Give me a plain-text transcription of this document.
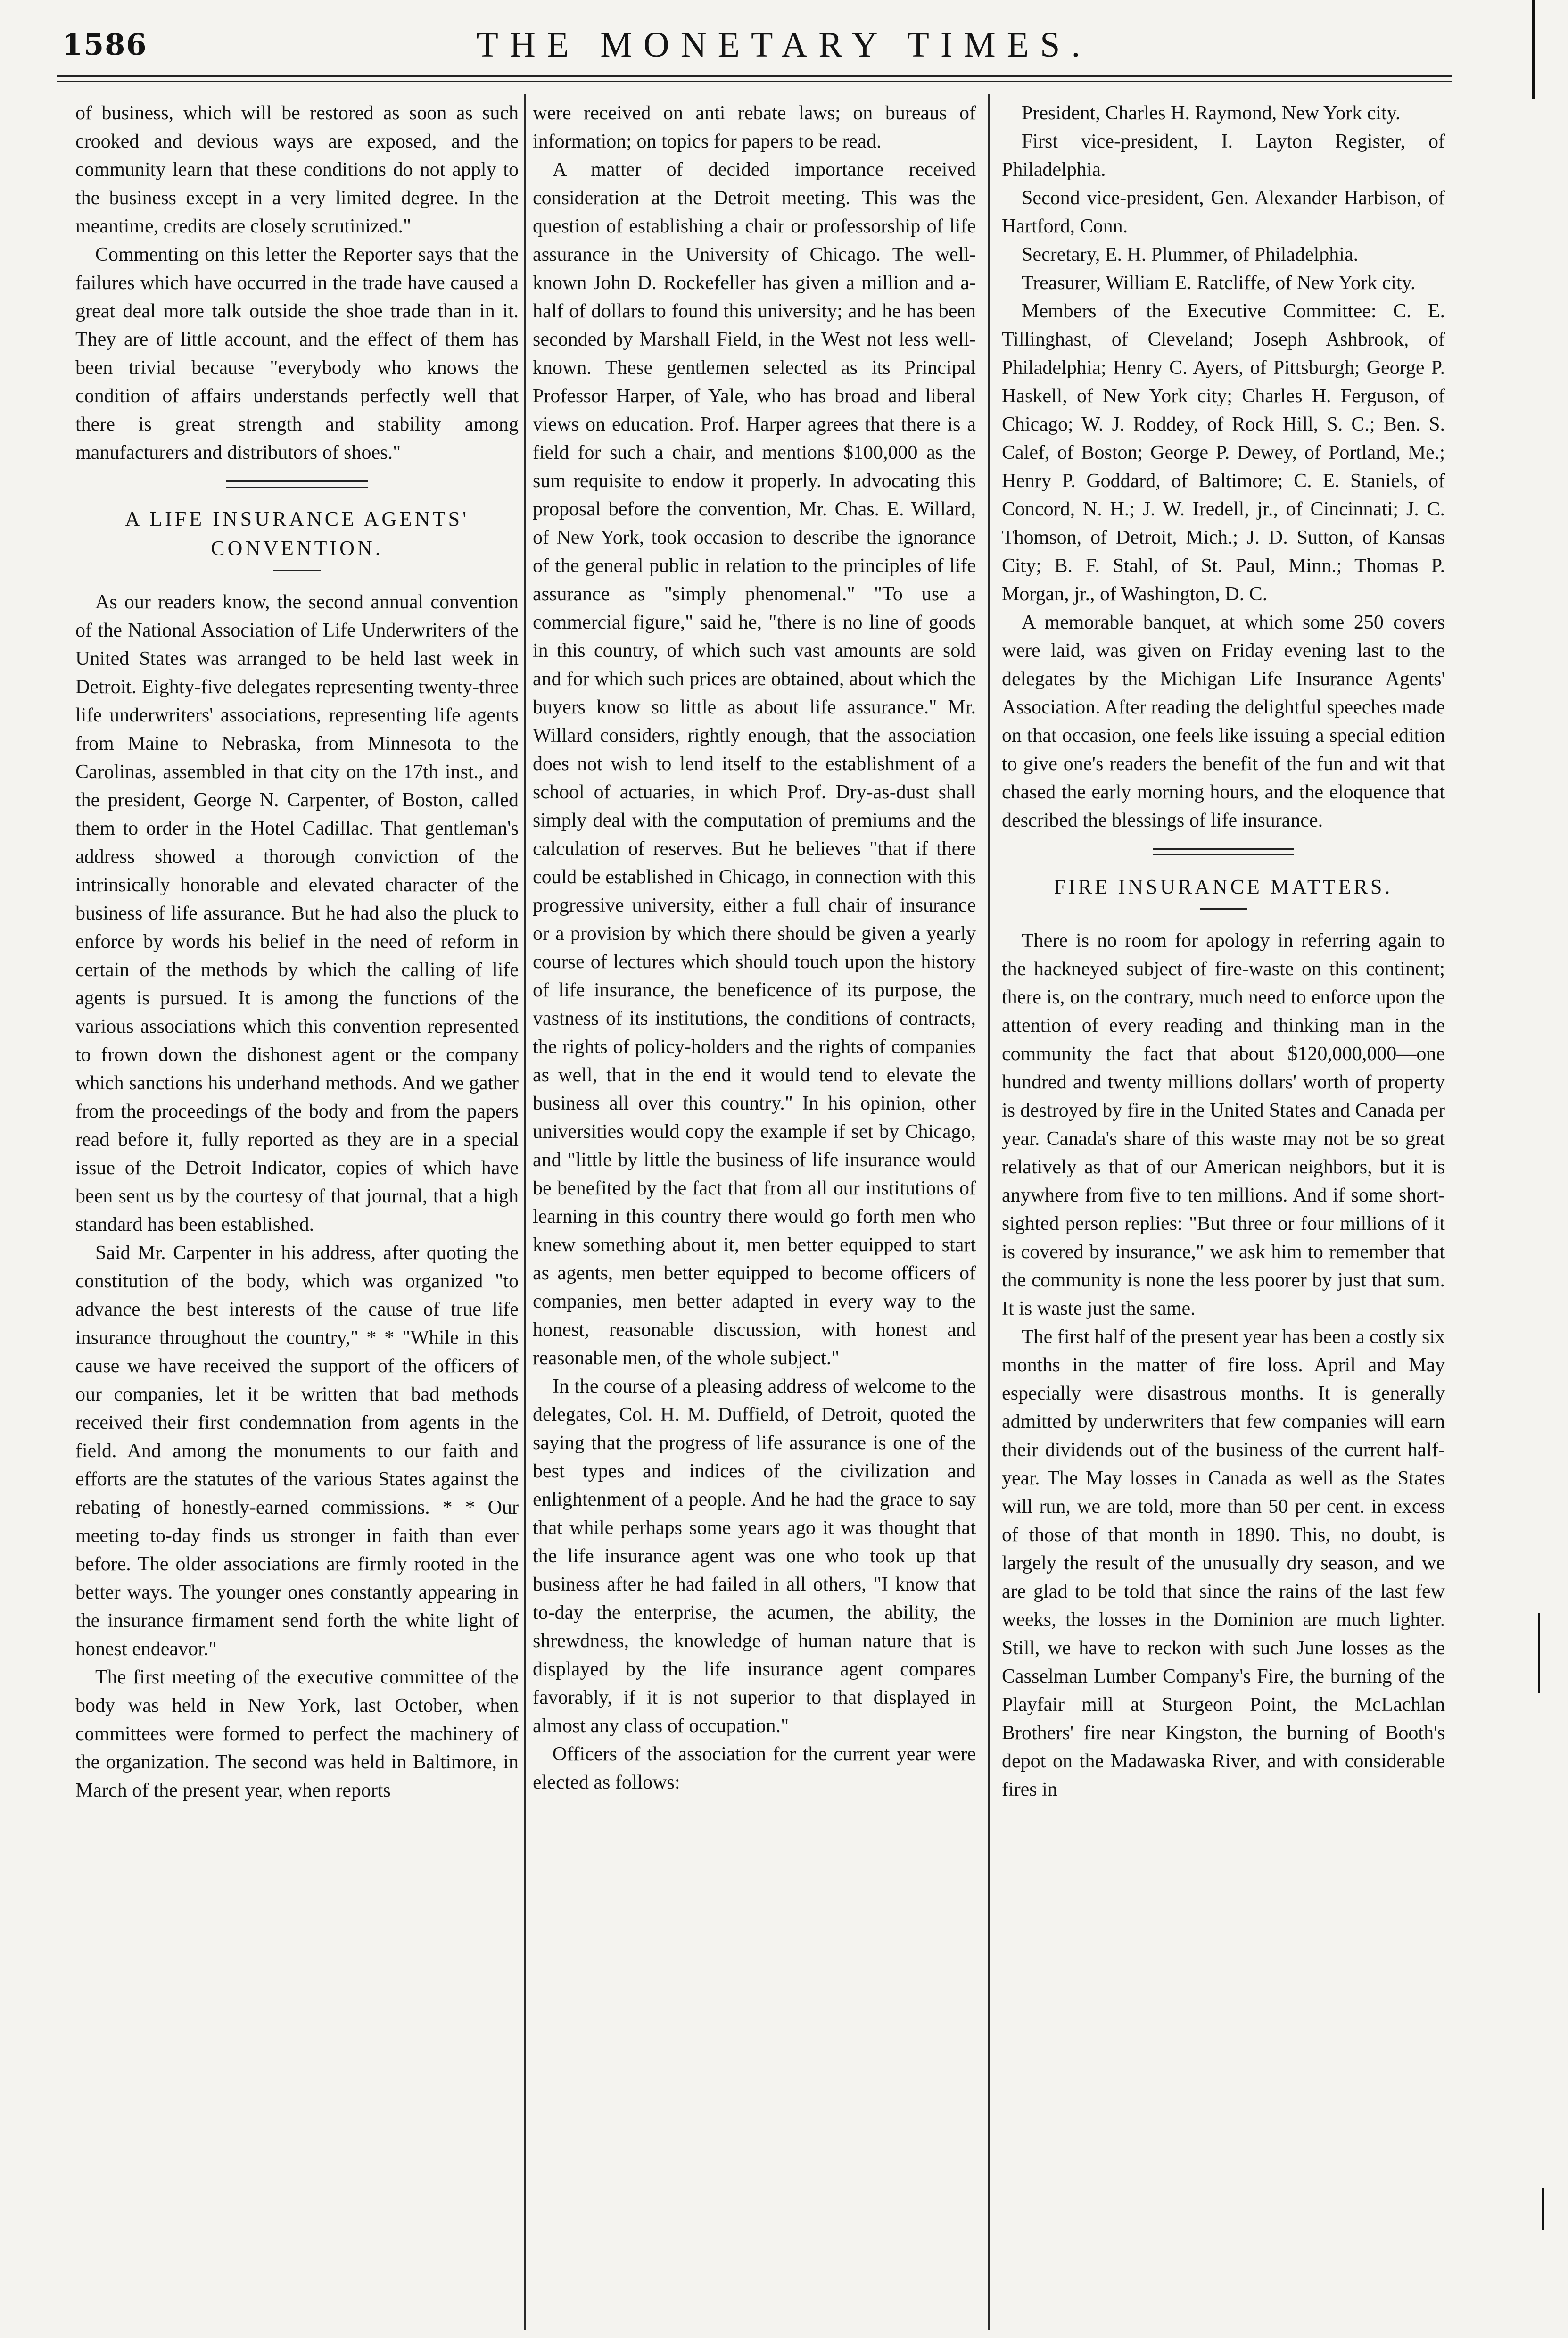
1586	THE MONETARY TIMES.

of business, which will be restored as soon as such crooked and devious ways are exposed, and the community learn that these conditions do not apply to the business except in a very limited degree. In the meantime, credits are closely scrutinized."

Commenting on this letter the Reporter says that the failures which have occurred in the trade have caused a great deal more talk outside the shoe trade than in it. They are of little account, and the effect of them has been trivial because "everybody who knows the condition of affairs understands perfectly well that there is great strength and stability among manufacturers and distributors of shoes."

A LIFE INSURANCE AGENTS' CONVENTION.

As our readers know, the second annual convention of the National Association of Life Underwriters of the United States was arranged to be held last week in Detroit. Eighty-five delegates representing twenty-three life underwriters' associations, representing life agents from Maine to Nebraska, from Minnesota to the Carolinas, assembled in that city on the 17th inst., and the president, George N. Carpenter, of Boston, called them to order in the Hotel Cadillac. That gentleman's address showed a thorough conviction of the intrinsically honorable and elevated character of the business of life assurance. But he had also the pluck to enforce by words his belief in the need of reform in certain of the methods by which the calling of life agents is pursued. It is among the functions of the various associations which this convention represented to frown down the dishonest agent or the company which sanctions his underhand methods. And we gather from the proceedings of the body and from the papers read before it, fully reported as they are in a special issue of the Detroit Indicator, copies of which have been sent us by the courtesy of that journal, that a high standard has been established.

Said Mr. Carpenter in his address, after quoting the constitution of the body, which was organized "to advance the best interests of the cause of true life insurance throughout the country," * * "While in this cause we have received the support of the officers of our companies, let it be written that bad methods received their first condemnation from agents in the field. And among the monuments to our faith and efforts are the statutes of the various States against the rebating of honestly-earned commissions. * * Our meeting to-day finds us stronger in faith than ever before. The older associations are firmly rooted in the better ways. The younger ones constantly appearing in the insurance firmament send forth the white light of honest endeavor."

The first meeting of the executive committee of the body was held in New York, last October, when committees were formed to perfect the machinery of the organization. The second was held in Baltimore, in March of the present year, when reports

were received on anti rebate laws; on bureaus of information; on topics for papers to be read.

A matter of decided importance received consideration at the Detroit meeting. This was the question of establishing a chair or professorship of life assurance in the University of Chicago. The well-known John D. Rockefeller has given a million and a-half of dollars to found this university; and he has been seconded by Marshall Field, in the West not less well-known. These gentlemen selected as its Principal Professor Harper, of Yale, who has broad and liberal views on education. Prof. Harper agrees that there is a field for such a chair, and mentions $100,000 as the sum requisite to endow it properly. In advocating this proposal before the convention, Mr. Chas. E. Willard, of New York, took occasion to describe the ignorance of the general public in relation to the principles of life assurance as "simply phenomenal." "To use a commercial figure," said he, "there is no line of goods in this country, of which such vast amounts are sold and for which such prices are obtained, about which the buyers know so little as about life assurance." Mr. Willard considers, rightly enough, that the association does not wish to lend itself to the establishment of a school of actuaries, in which Prof. Dry-as-dust shall simply deal with the computation of premiums and the calculation of reserves. But he believes "that if there could be established in Chicago, in connection with this progressive university, either a full chair of insurance or a provision by which there should be given a yearly course of lectures which should touch upon the history of life insurance, the beneficence of its purpose, the vastness of its institutions, the conditions of contracts, the rights of policy-holders and the rights of companies as well, that in the end it would tend to elevate the business all over this country." In his opinion, other universities would copy the example if set by Chicago, and "little by little the business of life insurance would be benefited by the fact that from all our institutions of learning in this country there would go forth men who knew something about it, men better equipped to start as agents, men better equipped to become officers of companies, men better adapted in every way to the honest, reasonable discussion, with honest and reasonable men, of the whole subject."

In the course of a pleasing address of welcome to the delegates, Col. H. M. Duffield, of Detroit, quoted the saying that the progress of life assurance is one of the best types and indices of the civilization and enlightenment of a people. And he had the grace to say that while perhaps some years ago it was thought that the life insurance agent was one who took up that business after he had failed in all others, "I know that to-day the enterprise, the acumen, the ability, the shrewdness, the knowledge of human nature that is displayed by the life insurance agent compares favorably, if it is not superior to that displayed in almost any class of occupation."

Officers of the association for the current year were elected as follows:

President, Charles H. Raymond, New York city.

First vice-president, I. Layton Register, of Philadelphia.

Second vice-president, Gen. Alexander Harbison, of Hartford, Conn.

Secretary, E. H. Plummer, of Philadelphia.

Treasurer, William E. Ratcliffe, of New York city.

Members of the Executive Committee: C. E. Tillinghast, of Cleveland; Joseph Ashbrook, of Philadelphia; Henry C. Ayers, of Pittsburgh; George P. Haskell, of New York city; Charles H. Ferguson, of Chicago; W. J. Roddey, of Rock Hill, S. C.; Ben. S. Calef, of Boston; George P. Dewey, of Portland, Me.; Henry P. Goddard, of Baltimore; C. E. Staniels, of Concord, N. H.; J. W. Iredell, jr., of Cincinnati; J. C. Thomson, of Detroit, Mich.; J. D. Sutton, of Kansas City; B. F. Stahl, of St. Paul, Minn.; Thomas P. Morgan, jr., of Washington, D. C.

A memorable banquet, at which some 250 covers were laid, was given on Friday evening last to the delegates by the Michigan Life Insurance Agents' Association. After reading the delightful speeches made on that occasion, one feels like issuing a special edition to give one's readers the benefit of the fun and wit that chased the early morning hours, and the eloquence that described the blessings of life insurance.

FIRE INSURANCE MATTERS.

There is no room for apology in referring again to the hackneyed subject of fire-waste on this continent; there is, on the contrary, much need to enforce upon the attention of every reading and thinking man in the community the fact that about $120,000,000—one hundred and twenty millions dollars' worth of property is destroyed by fire in the United States and Canada per year. Canada's share of this waste may not be so great relatively as that of our American neighbors, but it is anywhere from five to ten millions. And if some short-sighted person replies: "But three or four millions of it is covered by insurance," we ask him to remember that the community is none the less poorer by just that sum. It is waste just the same.

The first half of the present year has been a costly six months in the matter of fire loss. April and May especially were disastrous months. It is generally admitted by underwriters that few companies will earn their dividends out of the business of the current half-year. The May losses in Canada as well as the States will run, we are told, more than 50 per cent. in excess of those of that month in 1890. This, no doubt, is largely the result of the unusually dry season, and we are glad to be told that since the rains of the last few weeks, the losses in the Dominion are much lighter. Still, we have to reckon with such June losses as the Casselman Lumber Company's Fire, the burning of the Playfair mill at Sturgeon Point, the McLachlan Brothers' fire near Kingston, the burning of Booth's depot on the Madawaska River, and with considerable fires in
